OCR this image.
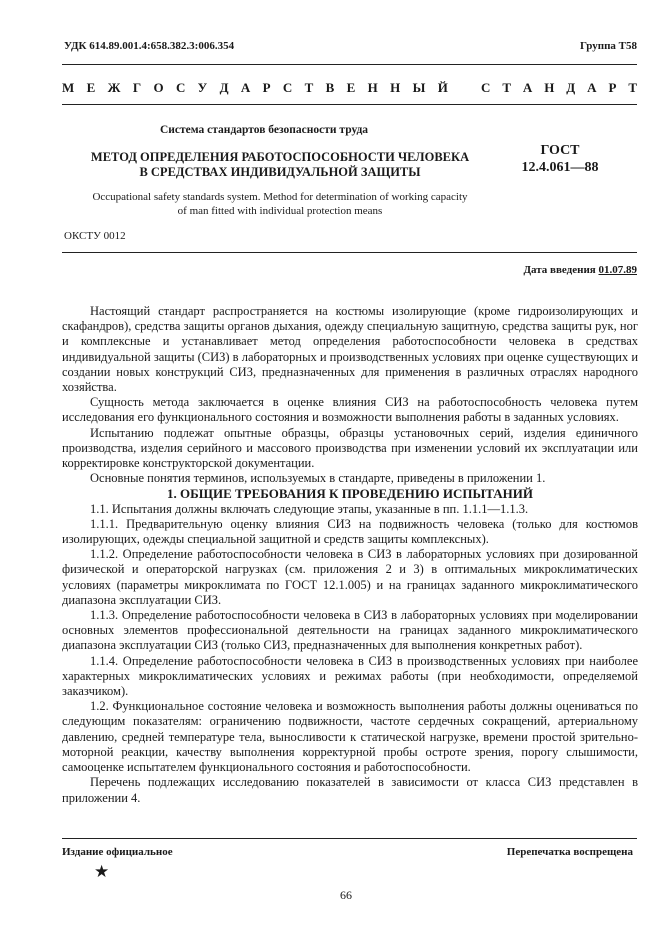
УДК 614.89.001.4:658.382.3:006.354	Группа Т58
М Е Ж Г О С У Д А Р С Т В Е Н Н Ы Й	С Т А Н Д А Р Т
Система стандартов безопасности труда
МЕТОД ОПРЕДЕЛЕНИЯ РАБОТОСПОСОБНОСТИ ЧЕЛОВЕКА
В СРЕДСТВАХ ИНДИВИДУАЛЬНОЙ ЗАЩИТЫ
ГОСТ
12.4.061—88
Occupational safety standards system. Method for determination of working capacity
of man fitted with individual protection means
ОКСТУ 0012
Дата введения 01.07.89

Настоящий стандарт распространяется на костюмы изолирующие (кроме гидроизолирующих и скафандров), средства защиты органов дыхания, одежду специальную защитную, средства защиты рук, ног и комплексные и устанавливает метод определения работоспособности человека в средствах индивидуальной защиты (СИЗ) в лабораторных и производственных условиях при оценке существующих и создании новых конструкций СИЗ, предназначенных для применения в различных отраслях народного хозяйства.

Сущность метода заключается в оценке влияния СИЗ на работоспособность человека путем исследования его функционального состояния и возможности выполнения работы в заданных условиях.

Испытанию подлежат опытные образцы, образцы установочных серий, изделия единичного производства, изделия серийного и массового производства при изменении условий их эксплуатации или корректировке конструкторской документации.

Основные понятия терминов, используемых в стандарте, приведены в приложении 1.

1. ОБЩИЕ ТРЕБОВАНИЯ К ПРОВЕДЕНИЮ ИСПЫТАНИЙ

1.1. Испытания должны включать следующие этапы, указанные в пп. 1.1.1—1.1.3.

1.1.1. Предварительную оценку влияния СИЗ на подвижность человека (только для костюмов изолирующих, одежды специальной защитной и средств защиты комплексных).

1.1.2. Определение работоспособности человека в СИЗ в лабораторных условиях при дозированной физической и операторской нагрузках (см. приложения 2 и 3) в оптимальных микроклиматических условиях (параметры микроклимата по ГОСТ 12.1.005) и на границах заданного микроклиматического диапазона эксплуатации СИЗ.

1.1.3. Определение работоспособности человека в СИЗ в лабораторных условиях при моделировании основных элементов профессиональной деятельности на границах заданного микроклиматического диапазона эксплуатации СИЗ (только СИЗ, предназначенных для выполнения конкретных работ).

1.1.4. Определение работоспособности человека в СИЗ в производственных условиях при наиболее характерных микроклиматических условиях и режимах работы (при необходимости, определяемой заказчиком).

1.2. Функциональное состояние человека и возможность выполнения работы должны оцениваться по следующим показателям: ограничению подвижности, частоте сердечных сокращений, артериальному давлению, средней температуре тела, выносливости к статической нагрузке, времени простой зрительно-моторной реакции, качеству выполнения корректурной пробы остроте зрения, порогу слышимости, самооценке испытателем функционального состояния и работоспособности.

Перечень подлежащих исследованию показателей в зависимости от класса СИЗ представлен в приложении 4.

Издание официальное	Перепечатка воспрещена
★
66
